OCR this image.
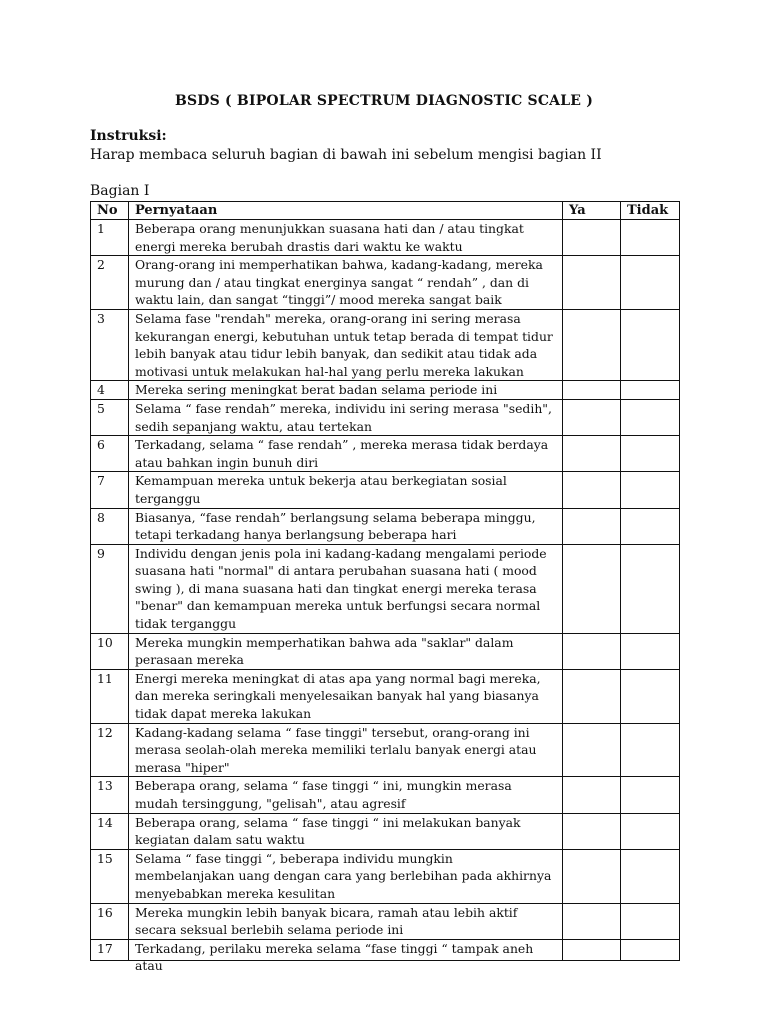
BSDS ( BIPOLAR SPECTRUM DIAGNOSTIC SCALE )
Instruksi:
Harap membaca seluruh bagian di bawah ini sebelum mengisi bagian II
Bagian I
No	Pernyataan	Ya	Tidak
1	Beberapa orang menunjukkan suasana hati dan / atau tingkat energi mereka berubah drastis dari waktu ke waktu		
2	Orang-orang ini memperhatikan bahwa, kadang-kadang, mereka murung dan / atau tingkat energinya sangat “ rendah” , dan di waktu lain, dan sangat “tinggi”/ mood mereka sangat baik		
3	Selama fase "rendah" mereka, orang-orang ini sering merasa kekurangan energi, kebutuhan untuk tetap berada di tempat tidur lebih banyak atau tidur lebih banyak, dan sedikit atau tidak ada motivasi untuk melakukan hal-hal yang perlu mereka lakukan		
4	Mereka sering meningkat berat badan selama periode ini		
5	Selama “ fase rendah” mereka, individu ini sering merasa "sedih", sedih sepanjang waktu, atau tertekan		
6	Terkadang, selama “ fase rendah” , mereka merasa tidak berdaya atau bahkan ingin bunuh diri		
7	Kemampuan mereka untuk bekerja atau berkegiatan sosial terganggu		
8	Biasanya, “fase rendah” berlangsung selama beberapa minggu, tetapi terkadang hanya berlangsung beberapa hari		
9	Individu dengan jenis pola ini kadang-kadang mengalami periode suasana hati "normal" di antara perubahan suasana hati ( mood swing ), di mana suasana hati dan tingkat energi mereka terasa "benar" dan kemampuan mereka untuk berfungsi secara normal tidak terganggu		
10	Mereka mungkin memperhatikan bahwa ada "saklar" dalam perasaan mereka		
11	Energi mereka meningkat di atas apa yang normal bagi mereka, dan mereka seringkali menyelesaikan banyak hal yang biasanya tidak dapat mereka lakukan		
12	Kadang-kadang selama “ fase tinggi" tersebut, orang-orang ini merasa seolah-olah mereka memiliki terlalu banyak energi atau merasa "hiper"		
13	Beberapa orang, selama “ fase tinggi “ ini, mungkin merasa mudah tersinggung, "gelisah", atau agresif		
14	Beberapa orang, selama “ fase tinggi “ ini melakukan banyak kegiatan dalam satu waktu		
15	Selama “ fase tinggi “, beberapa individu mungkin membelanjakan uang dengan cara yang berlebihan pada akhirnya menyebabkan mereka kesulitan		
16	Mereka mungkin lebih banyak bicara, ramah atau lebih aktif secara seksual berlebih selama periode ini		
17	Terkadang, perilaku mereka selama “fase tinggi “ tampak aneh atau		
